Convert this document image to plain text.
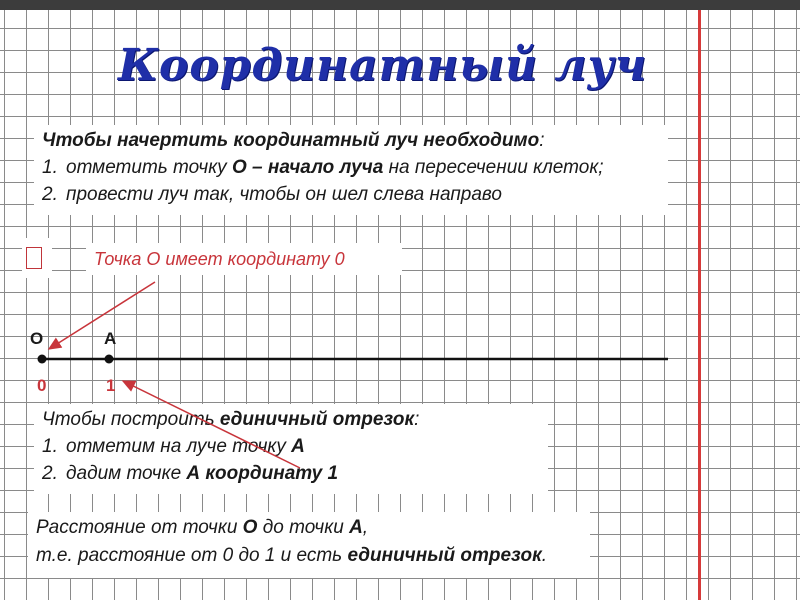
Координатный луч
Чтобы начертить координатный луч необходимо:
1. отметить точку О – начало луча на пересечении клеток;
2. провести луч так, чтобы он шел слева направо
Точка О имеет координату 0
О	А
0	1
Чтобы построить единичный отрезок:
1. отметим на луче точку А
2. дадим точке А координату 1
Расстояние от точки О до точки А,
т.е. расстояние от 0 до 1 и есть единичный отрезок.
